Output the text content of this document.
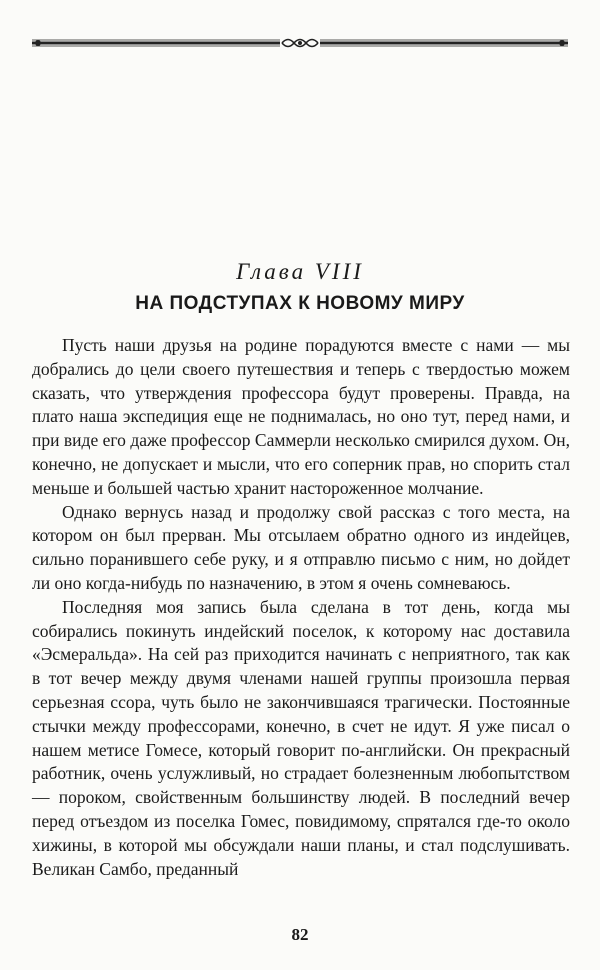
Глава VIII
НА ПОДСТУПАХ К НОВОМУ МИРУ

Пусть наши друзья на родине порадуются вместе с нами — мы добрались до цели своего путешествия и теперь с твердостью можем сказать, что утверждения профессора будут проверены. Правда, на плато наша экспедиция еще не поднималась, но оно тут, перед нами, и при виде его даже профессор Саммерли несколько смирился духом. Он, конечно, не допускает и мысли, что его соперник прав, но спорить стал меньше и большей частью хранит настороженное молчание.

Однако вернусь назад и продолжу свой рассказ с того места, на котором он был прерван. Мы отсылаем обратно одного из индейцев, сильно поранившего себе руку, и я отправлю письмо с ним, но дойдет ли оно когда-нибудь по назначению, в этом я очень сомневаюсь.

Последняя моя запись была сделана в тот день, когда мы собирались покинуть индейский поселок, к которому нас доставила «Эсмеральда». На сей раз приходится начинать с неприятного, так как в тот вечер между двумя членами нашей группы произошла первая серьезная ссора, чуть было не закончившаяся трагически. Постоянные стычки между профессорами, конечно, в счет не идут. Я уже писал о нашем метисе Гомесе, который говорит по-английски. Он прекрасный работник, очень услужливый, но страдает болезненным любопытством — пороком, свойственным большинству людей. В последний вечер перед отъездом из поселка Гомес, повидимому, спрятался где-то около хижины, в которой мы обсуждали наши планы, и стал подслушивать. Великан Самбо, преданный

82
